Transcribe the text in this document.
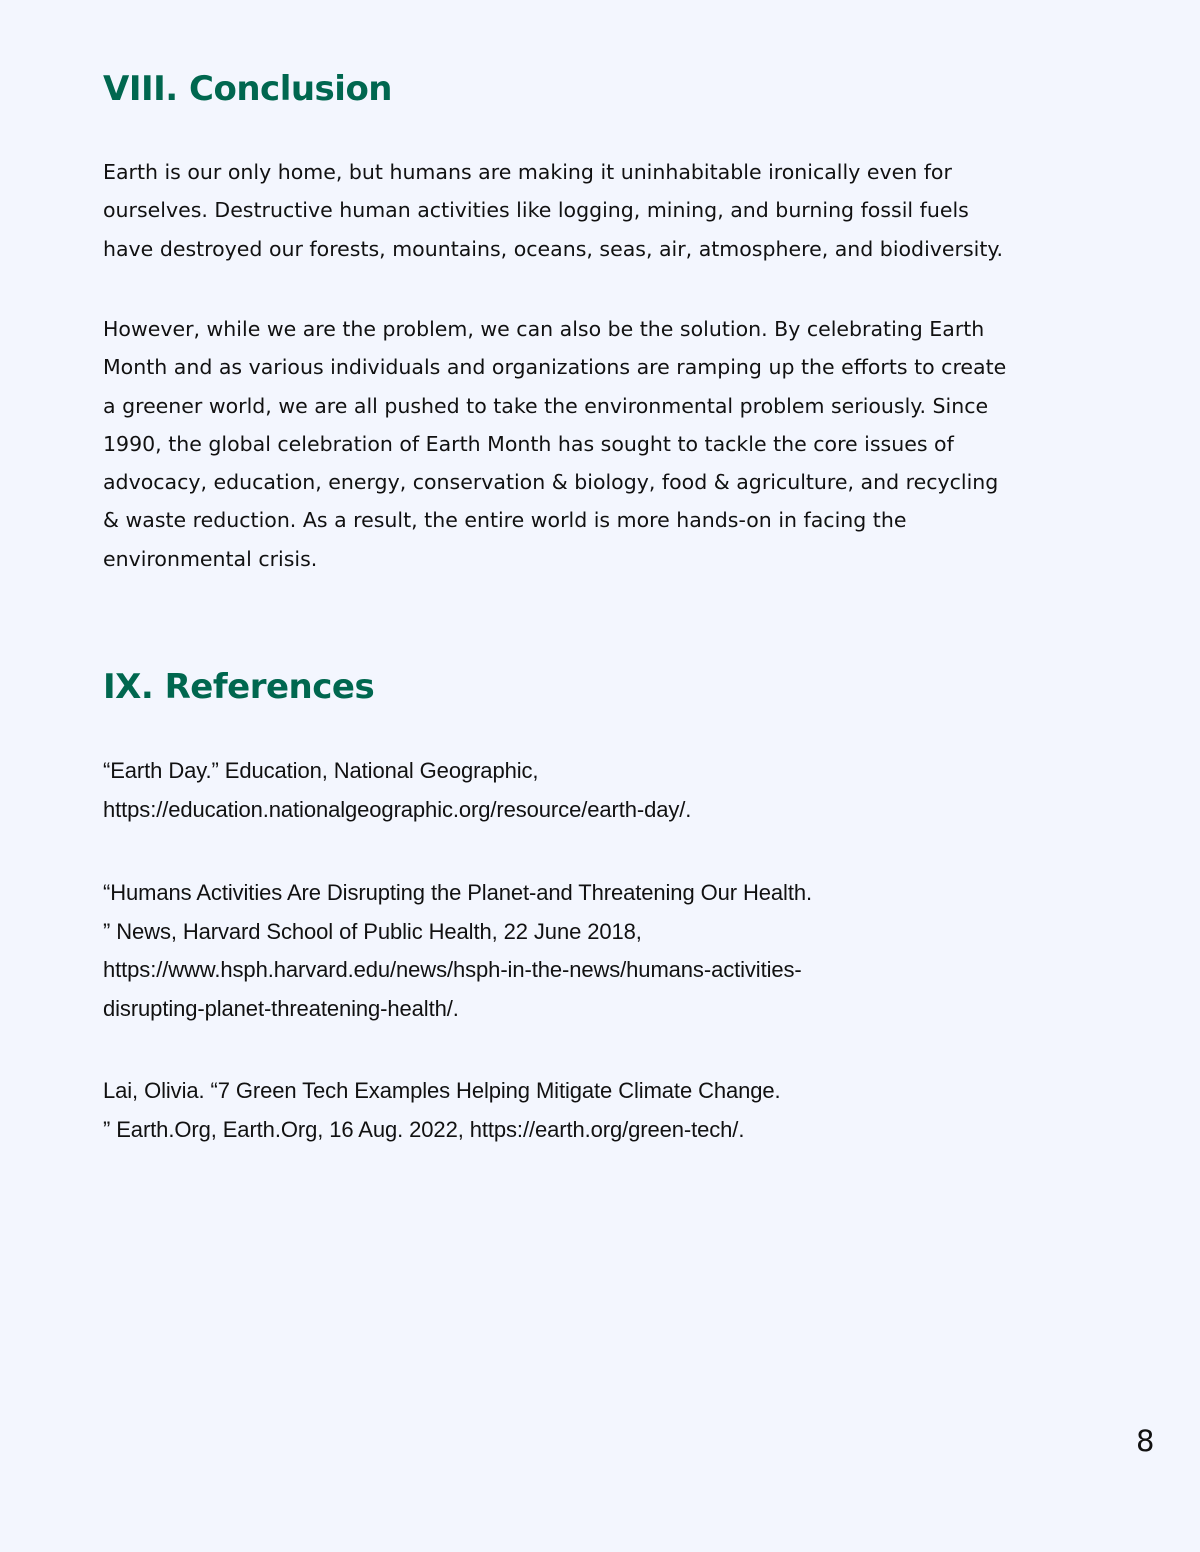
VIII. Conclusion

Earth is our only home, but humans are making it uninhabitable ironically even for
ourselves. Destructive human activities like logging, mining, and burning fossil fuels
have destroyed our forests, mountains, oceans, seas, air, atmosphere, and biodiversity.

However, while we are the problem, we can also be the solution. By celebrating Earth
Month and as various individuals and organizations are ramping up the efforts to create
a greener world, we are all pushed to take the environmental problem seriously. Since
1990, the global celebration of Earth Month has sought to tackle the core issues of
advocacy, education, energy, conservation & biology, food & agriculture, and recycling
& waste reduction. As a result, the entire world is more hands-on in facing the
environmental crisis.

IX. References

“Earth Day.” Education, National Geographic,
https://education.nationalgeographic.org/resource/earth-day/.

“Humans Activities Are Disrupting the Planet-and Threatening Our Health.
” News, Harvard School of Public Health, 22 June 2018,
https://www.hsph.harvard.edu/news/hsph-in-the-news/humans-activities-
disrupting-planet-threatening-health/.

Lai, Olivia. “7 Green Tech Examples Helping Mitigate Climate Change.
” Earth.Org, Earth.Org, 16 Aug. 2022, https://earth.org/green-tech/.

8
